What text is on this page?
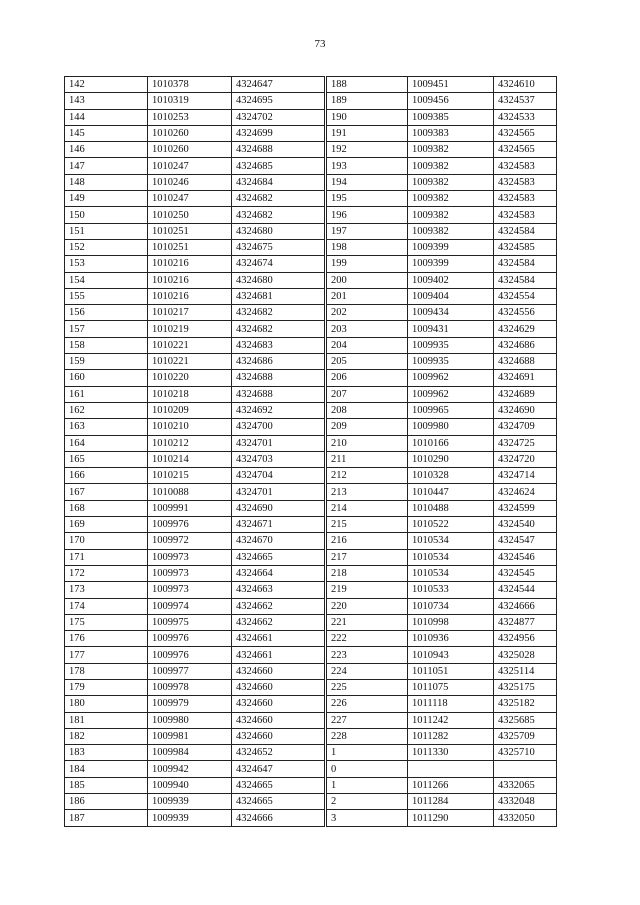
73
142	1010378	4324647	188	1009451	4324610
143	1010319	4324695	189	1009456	4324537
144	1010253	4324702	190	1009385	4324533
145	1010260	4324699	191	1009383	4324565
146	1010260	4324688	192	1009382	4324565
147	1010247	4324685	193	1009382	4324583
148	1010246	4324684	194	1009382	4324583
149	1010247	4324682	195	1009382	4324583
150	1010250	4324682	196	1009382	4324583
151	1010251	4324680	197	1009382	4324584
152	1010251	4324675	198	1009399	4324585
153	1010216	4324674	199	1009399	4324584
154	1010216	4324680	200	1009402	4324584
155	1010216	4324681	201	1009404	4324554
156	1010217	4324682	202	1009434	4324556
157	1010219	4324682	203	1009431	4324629
158	1010221	4324683	204	1009935	4324686
159	1010221	4324686	205	1009935	4324688
160	1010220	4324688	206	1009962	4324691
161	1010218	4324688	207	1009962	4324689
162	1010209	4324692	208	1009965	4324690
163	1010210	4324700	209	1009980	4324709
164	1010212	4324701	210	1010166	4324725
165	1010214	4324703	211	1010290	4324720
166	1010215	4324704	212	1010328	4324714
167	1010088	4324701	213	1010447	4324624
168	1009991	4324690	214	1010488	4324599
169	1009976	4324671	215	1010522	4324540
170	1009972	4324670	216	1010534	4324547
171	1009973	4324665	217	1010534	4324546
172	1009973	4324664	218	1010534	4324545
173	1009973	4324663	219	1010533	4324544
174	1009974	4324662	220	1010734	4324666
175	1009975	4324662	221	1010998	4324877
176	1009976	4324661	222	1010936	4324956
177	1009976	4324661	223	1010943	4325028
178	1009977	4324660	224	1011051	4325114
179	1009978	4324660	225	1011075	4325175
180	1009979	4324660	226	1011118	4325182
181	1009980	4324660	227	1011242	4325685
182	1009981	4324660	228	1011282	4325709
183	1009984	4324652	1	1011330	4325710
184	1009942	4324647	0		
185	1009940	4324665	1	1011266	4332065
186	1009939	4324665	2	1011284	4332048
187	1009939	4324666	3	1011290	4332050
